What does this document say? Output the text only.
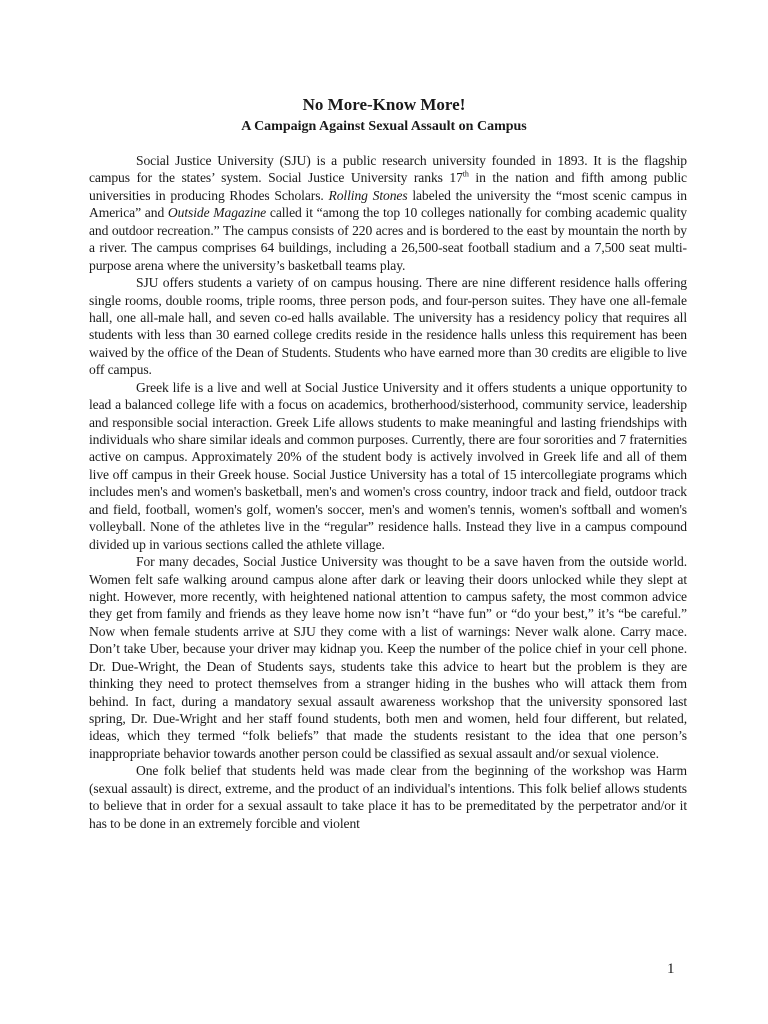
No More-Know More!
A Campaign Against Sexual Assault on Campus

Social Justice University (SJU) is a public research university founded in 1893. It is the flagship campus for the states’ system. Social Justice University ranks 17th in the nation and fifth among public universities in producing Rhodes Scholars. Rolling Stones labeled the university the “most scenic campus in America” and Outside Magazine called it “among the top 10 colleges nationally for combing academic quality and outdoor recreation.” The campus consists of 220 acres and is bordered to the east by mountain the north by a river. The campus comprises 64 buildings, including a 26,500-seat football stadium and a 7,500 seat multi-purpose arena where the university’s basketball teams play.

SJU offers students a variety of on campus housing. There are nine different residence halls offering single rooms, double rooms, triple rooms, three person pods, and four-person suites. They have one all-female hall, one all-male hall, and seven co-ed halls available. The university has a residency policy that requires all students with less than 30 earned college credits reside in the residence halls unless this requirement has been waived by the office of the Dean of Students. Students who have earned more than 30 credits are eligible to live off campus.

Greek life is a live and well at Social Justice University and it offers students a unique opportunity to lead a balanced college life with a focus on academics, brotherhood/sisterhood, community service, leadership and responsible social interaction. Greek Life allows students to make meaningful and lasting friendships with individuals who share similar ideals and common purposes. Currently, there are four sororities and 7 fraternities active on campus. Approximately 20% of the student body is actively involved in Greek life and all of them live off campus in their Greek house. Social Justice University has a total of 15 intercollegiate programs which includes men's and women's basketball, men's and women's cross country, indoor track and field, outdoor track and field, football, women's golf, women's soccer, men's and women's tennis, women's softball and women's volleyball. None of the athletes live in the “regular” residence halls. Instead they live in a campus compound divided up in various sections called the athlete village.

For many decades, Social Justice University was thought to be a save haven from the outside world. Women felt safe walking around campus alone after dark or leaving their doors unlocked while they slept at night. However, more recently, with heightened national attention to campus safety, the most common advice they get from family and friends as they leave home now isn’t “have fun” or “do your best,” it’s “be careful.” Now when female students arrive at SJU they come with a list of warnings: Never walk alone. Carry mace. Don’t take Uber, because your driver may kidnap you. Keep the number of the police chief in your cell phone. Dr. Due-Wright, the Dean of Students says, students take this advice to heart but the problem is they are thinking they need to protect themselves from a stranger hiding in the bushes who will attack them from behind. In fact, during a mandatory sexual assault awareness workshop that the university sponsored last spring, Dr. Due-Wright and her staff found students, both men and women, held four different, but related, ideas, which they termed “folk beliefs” that made the students resistant to the idea that one person’s inappropriate behavior towards another person could be classified as sexual assault and/or sexual violence.

One folk belief that students held was made clear from the beginning of the workshop was Harm (sexual assault) is direct, extreme, and the product of an individual's intentions. This folk belief allows students to believe that in order for a sexual assault to take place it has to be premeditated by the perpetrator and/or it has to be done in an extremely forcible and violent

1
